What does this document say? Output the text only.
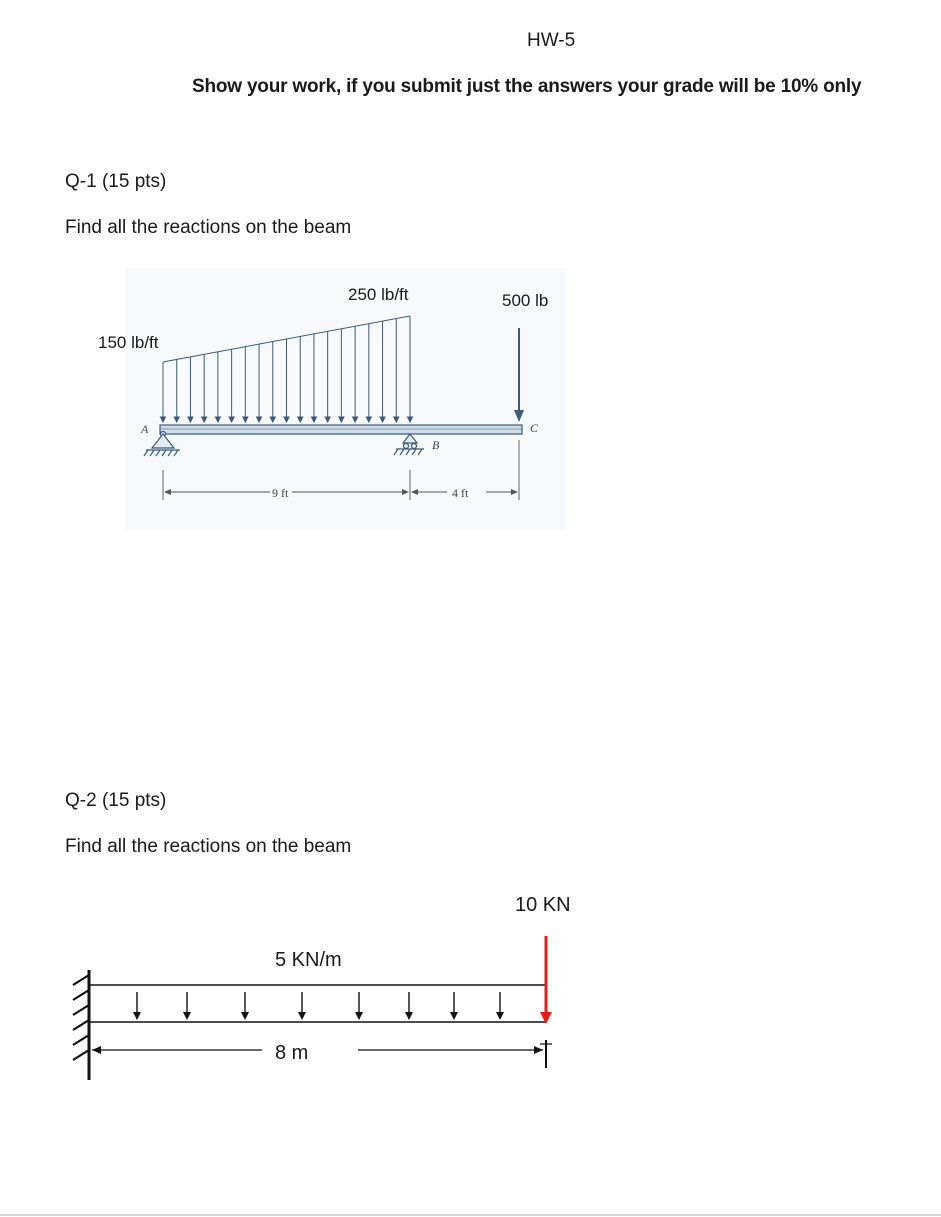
HW-5
Show your work, if you submit just the answers your grade will be 10% only
Q-1 (15 pts)
Find all the reactions on the beam
150 lb/ft
250 lb/ft	500 lb
A
B
C
9 ft	4 ft
Q-2 (15 pts)
Find all the reactions on the beam
5 KN/m
10 KN
8 m
